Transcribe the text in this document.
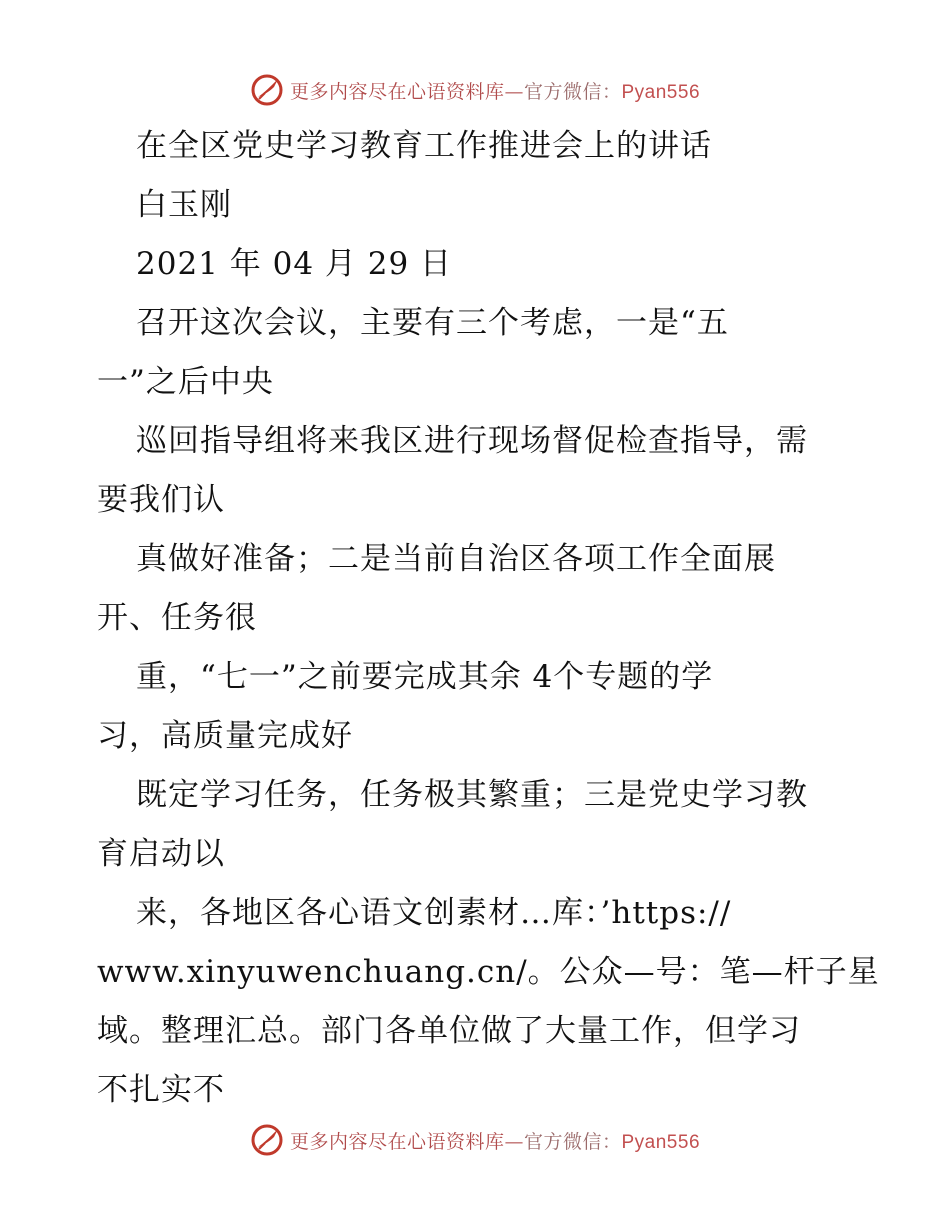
更多内容尽在心语资料库—官方微信：Pyan556
在全区党史学习教育工作推进会上的讲话
白玉刚
2021 年 04 月 29 日
召开这次会议，主要有三个考虑，一是“五
一”之后中央
巡回指导组将来我区进行现场督促检查指导，需
要我们认
真做好准备；二是当前自治区各项工作全面展
开、任务很
重，“七一”之前要完成其余 4个专题的学
习，高质量完成好
既定学习任务，任务极其繁重；三是党史学习教
育启动以
来，各地区各心语文创素材…库：’https://
www.xinyuwenchuang.cn/。公众—号：笔—杆子星
域。整理汇总。部门各单位做了大量工作，但学习
不扎实不
更多内容尽在心语资料库—官方微信：Pyan556
